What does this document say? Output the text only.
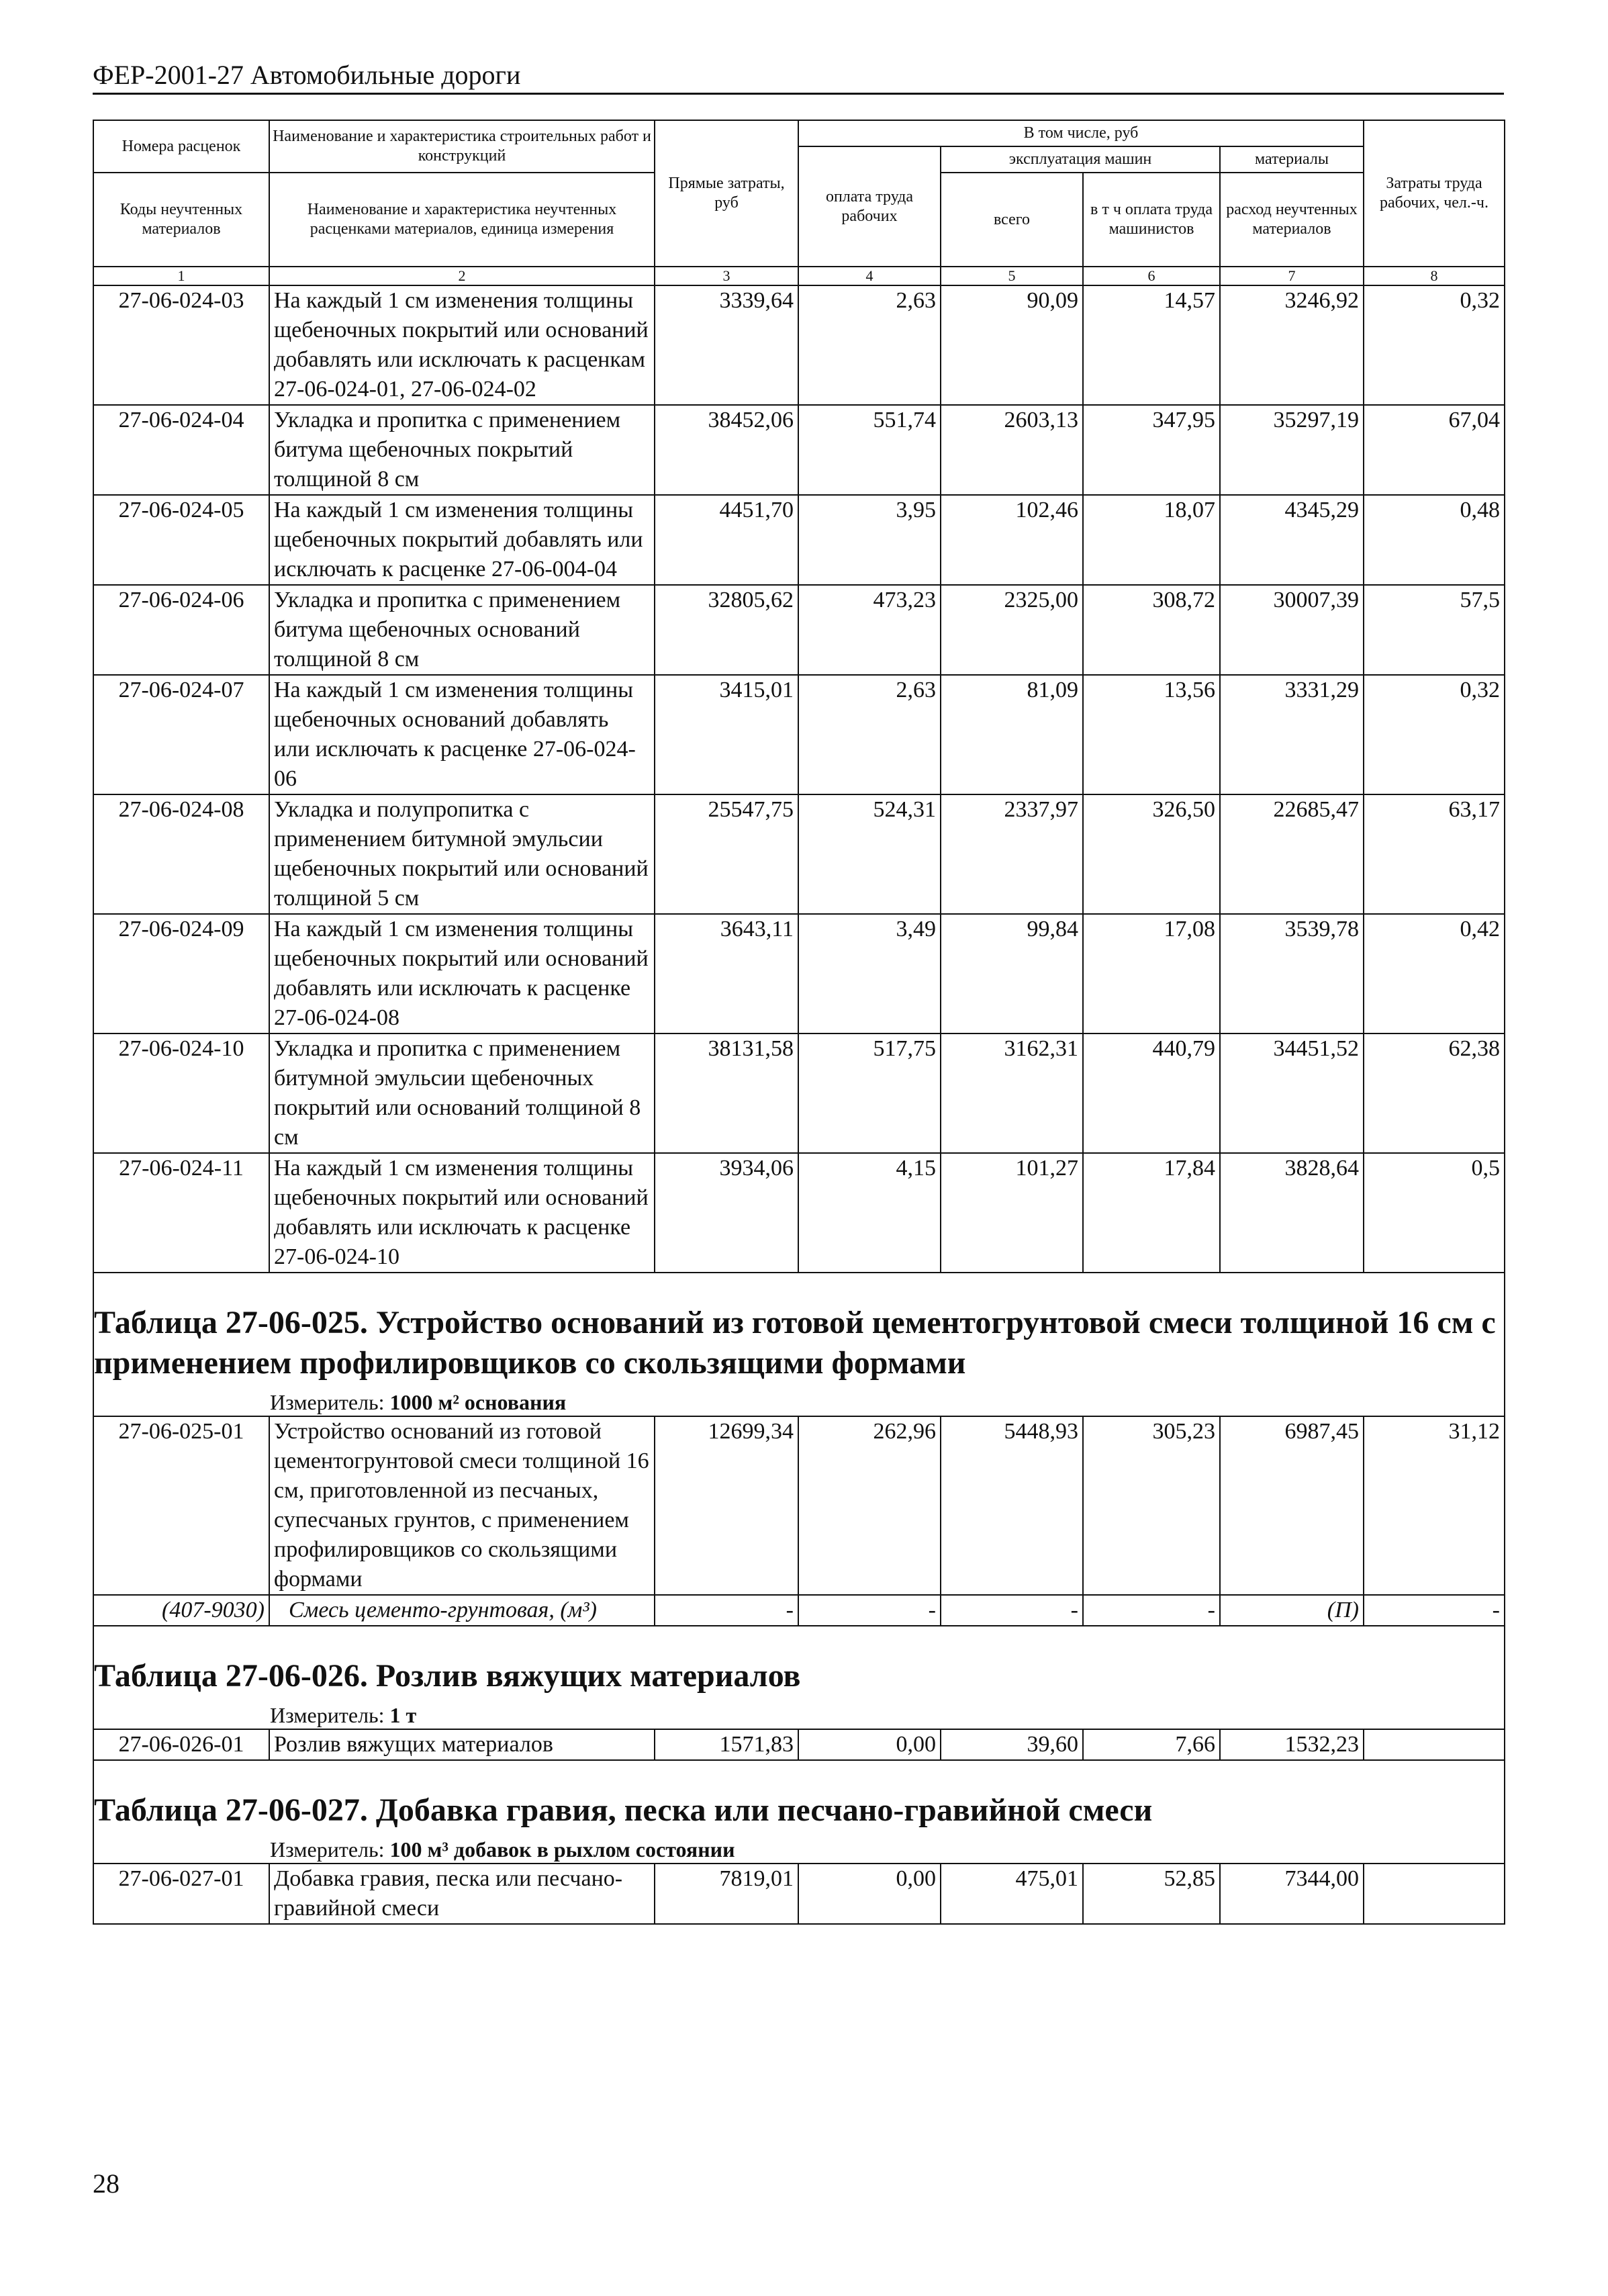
ФЕР-2001-27 Автомобильные дороги
Номера расценок	Наименование и характеристика строительных работ и конструкций	Прямые затраты, руб	В том числе, руб				Затраты труда рабочих, чел.-ч.
			оплата труда рабочих	эксплуатация машин		материалы	
Коды неучтенных материалов	Наименование и характеристика неучтенных расценками материалов, единица измерения			всего	в т ч оплата труда машинистов	расход неучтенных материалов	

1	2	3	4	5	6	7	8
27-06-024-03	На каждый 1 см изменения толщины щебеночных покрытий или оснований добавлять или исключать к расценкам 27-06-024-01, 27-06-024-02	3339,64	2,63	90,09	14,57	3246,92	0,32
27-06-024-04	Укладка и пропитка с применением битума щебеночных покрытий толщиной 8 см	38452,06	551,74	2603,13	347,95	35297,19	67,04
27-06-024-05	На каждый 1 см изменения толщины щебеночных покрытий добавлять или исключать к расценке 27-06-004-04	4451,70	3,95	102,46	18,07	4345,29	0,48
27-06-024-06	Укладка и пропитка с применением битума щебеночных оснований толщиной 8 см	32805,62	473,23	2325,00	308,72	30007,39	57,5
27-06-024-07	На каждый 1 см изменения толщины щебеночных оснований добавлять или исключать к расценке 27-06-024-06	3415,01	2,63	81,09	13,56	3331,29	0,32
27-06-024-08	Укладка и полупропитка с применением битумной эмульсии щебеночных покрытий или оснований толщиной 5 см	25547,75	524,31	2337,97	326,50	22685,47	63,17
27-06-024-09	На каждый 1 см изменения толщины щебеночных покрытий или оснований добавлять или исключать к расценке 27-06-024-08	3643,11	3,49	99,84	17,08	3539,78	0,42
27-06-024-10	Укладка и пропитка с применением битумной эмульсии щебеночных покрытий или оснований толщиной 8 см	38131,58	517,75	3162,31	440,79	34451,52	62,38
27-06-024-11	На каждый 1 см изменения толщины щебеночных покрытий или оснований добавлять или исключать к расценке 27-06-024-10	3934,06	4,15	101,27	17,84	3828,64	0,5

Таблица 27-06-025. Устройство оснований из готовой цементогрунтовой смеси толщиной 16 см с применением профилировщиков со скользящими формами
Измеритель: 1000 м² основания							

27-06-025-01	Устройство оснований из готовой цементогрунтовой смеси толщиной 16 см, приготовленной из песчаных, супесчаных грунтов, с применением профилировщиков со скользящими формами	12699,34	262,96	5448,93	305,23	6987,45	31,12
(407-9030)	Смесь цементо-грунтовая, (м³)	-	-	-	-	(П)	-

Таблица 27-06-026. Розлив вяжущих материалов
Измеритель: 1 т							

27-06-026-01	Розлив вяжущих материалов	1571,83	0,00	39,60	7,66	1532,23	

Таблица 27-06-027. Добавка гравия, песка или песчано-гравийной смеси
Измеритель: 100 м³ добавок в рыхлом состоянии							

27-06-027-01	Добавка гравия, песка или песчано-гравийной смеси	7819,01	0,00	475,01	52,85	7344,00	
28
